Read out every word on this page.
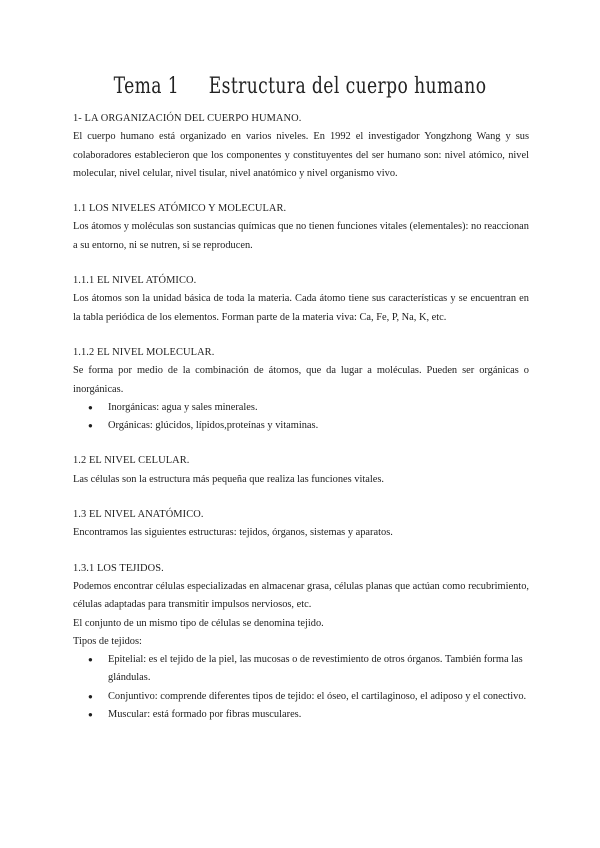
Tema 1 Estructura del cuerpo humano

1- LA ORGANIZACIÓN DEL CUERPO HUMANO.

El cuerpo humano está organizado en varios niveles. En 1992 el investigador Yongzhong Wang y sus colaboradores establecieron que los componentes y constituyentes del ser humano son: nivel atómico, nivel molecular, nivel celular, nivel tisular, nivel anatómico y nivel organismo vivo.

1.1 LOS NIVELES ATÓMICO Y MOLECULAR.

Los átomos y moléculas son sustancias químicas que no tienen funciones vitales (elementales): no reaccionan a su entorno, ni se nutren, si se reproducen.

1.1.1 EL NIVEL ATÓMICO.

Los átomos son la unidad básica de toda la materia. Cada átomo tiene sus características y se encuentran en la tabla periódica de los elementos. Forman parte de la materia viva: Ca, Fe, P, Na, K, etc.

1.1.2 EL NIVEL MOLECULAR.

Se forma por medio de la combinación de átomos, que da lugar a moléculas. Pueden ser orgánicas o inorgánicas.

● Inorgánicas: agua y sales minerales.
● Orgánicas: glúcidos, lípidos,proteínas y vitaminas.

1.2 EL NIVEL CELULAR.

Las células son la estructura más pequeña que realiza las funciones vitales.

1.3 EL NIVEL ANATÓMICO.

Encontramos las siguientes estructuras: tejidos, órganos, sistemas y aparatos.

1.3.1 LOS TEJIDOS.

Podemos encontrar células especializadas en almacenar grasa, células planas que actúan como recubrimiento, células adaptadas para transmitir impulsos nerviosos, etc.

El conjunto de un mismo tipo de células se denomina tejido.

Tipos de tejidos:

● Epitelial: es el tejido de la piel, las mucosas o de revestimiento de otros órganos. También forma las glándulas.
● Conjuntivo: comprende diferentes tipos de tejido: el óseo, el cartilaginoso, el adiposo y el conectivo.
● Muscular: está formado por fibras musculares.
